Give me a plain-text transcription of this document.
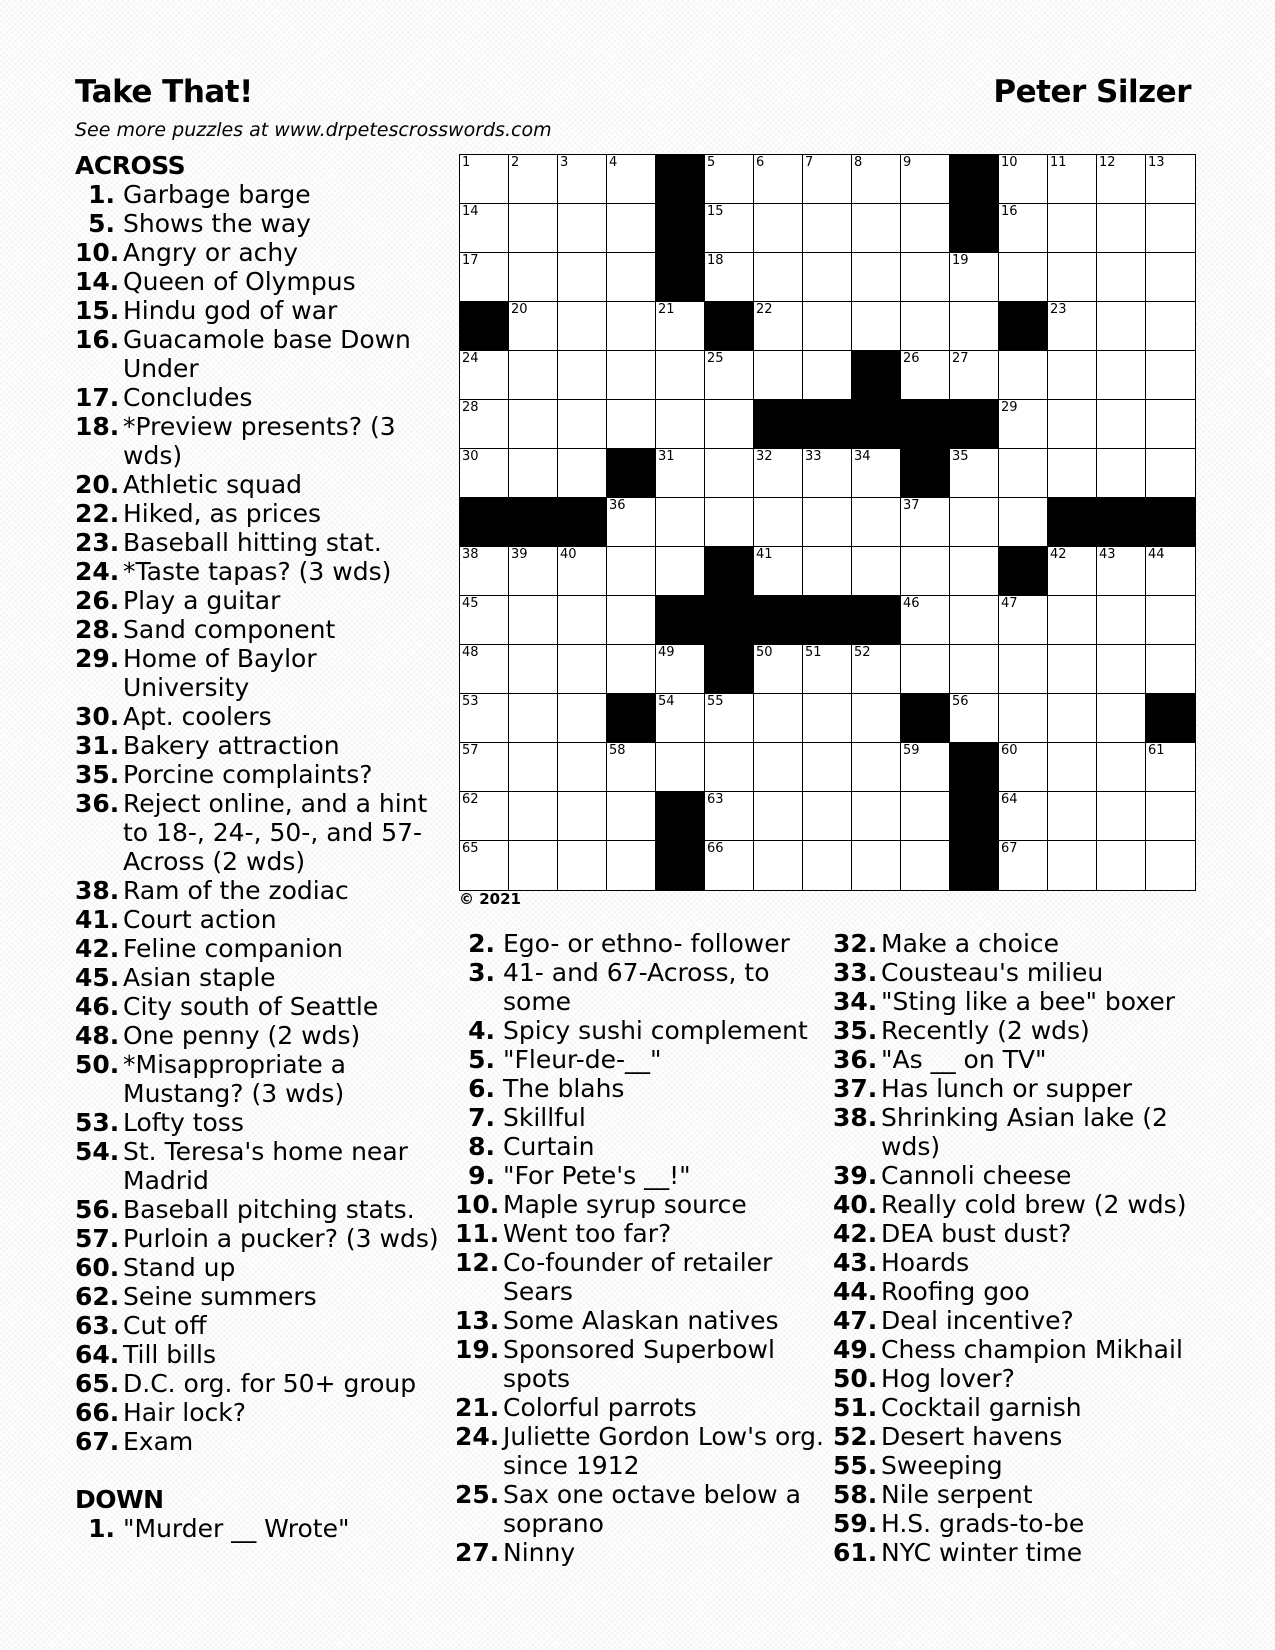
Take That!	Peter Silzer
See more puzzles at www.drpetescrosswords.com
1	2	3	4	5	6	7	8	9	10 11 12 13
14	15	16
17	18	19
20	21	22	23
24	25	26 27
28	29
30	31	32 33 34	35
36	37
38 39 40	41	42 43 44
45	46	47
48	49	50 51 52
53	54 55	56
57	58	59	60	61
62	63	64
65	66	67
© 2021
ACROSS
1. Garbage barge
5. Shows the way
10. Angry or achy
14. Queen of Olympus
15. Hindu god of war
16. Guacamole base Down Under
17. Concludes
18. *Preview presents? (3 wds)
20. Athletic squad
22. Hiked, as prices
23. Baseball hitting stat.
24. *Taste tapas? (3 wds)
26. Play a guitar
28. Sand component
29. Home of Baylor University
30. Apt. coolers
31. Bakery attraction
35. Porcine complaints?
36. Reject online, and a hint to 18-, 24-, 50-, and 57-Across (2 wds)
38. Ram of the zodiac
41. Court action
42. Feline companion
45. Asian staple
46. City south of Seattle
48. One penny (2 wds)
50. *Misappropriate a Mustang? (3 wds)
53. Lofty toss
54. St. Teresa's home near Madrid
56. Baseball pitching stats.
57. Purloin a pucker? (3 wds)
60. Stand up
62. Seine summers
63. Cut off
64. Till bills
65. D.C. org. for 50+ group
66. Hair lock?
67. Exam
DOWN
1. "Murder __ Wrote"
2. Ego- or ethno- follower
3. 41- and 67-Across, to some
4. Spicy sushi complement
5. "Fleur-de-__"
6. The blahs
7. Skillful
8. Curtain
9. "For Pete's __!"
10. Maple syrup source
11. Went too far?
12. Co-founder of retailer Sears
13. Some Alaskan natives
19. Sponsored Superbowl spots
21. Colorful parrots
24. Juliette Gordon Low's org. since 1912
25. Sax one octave below a soprano
27. Ninny
32. Make a choice
33. Cousteau's milieu
34. "Sting like a bee" boxer
35. Recently (2 wds)
36. "As __ on TV"
37. Has lunch or supper
38. Shrinking Asian lake (2 wds)
39. Cannoli cheese
40. Really cold brew (2 wds)
42. DEA bust dust?
43. Hoards
44. Roofing goo
47. Deal incentive?
49. Chess champion Mikhail
50. Hog lover?
51. Cocktail garnish
52. Desert havens
55. Sweeping
58. Nile serpent
59. H.S. grads-to-be
61. NYC winter time
